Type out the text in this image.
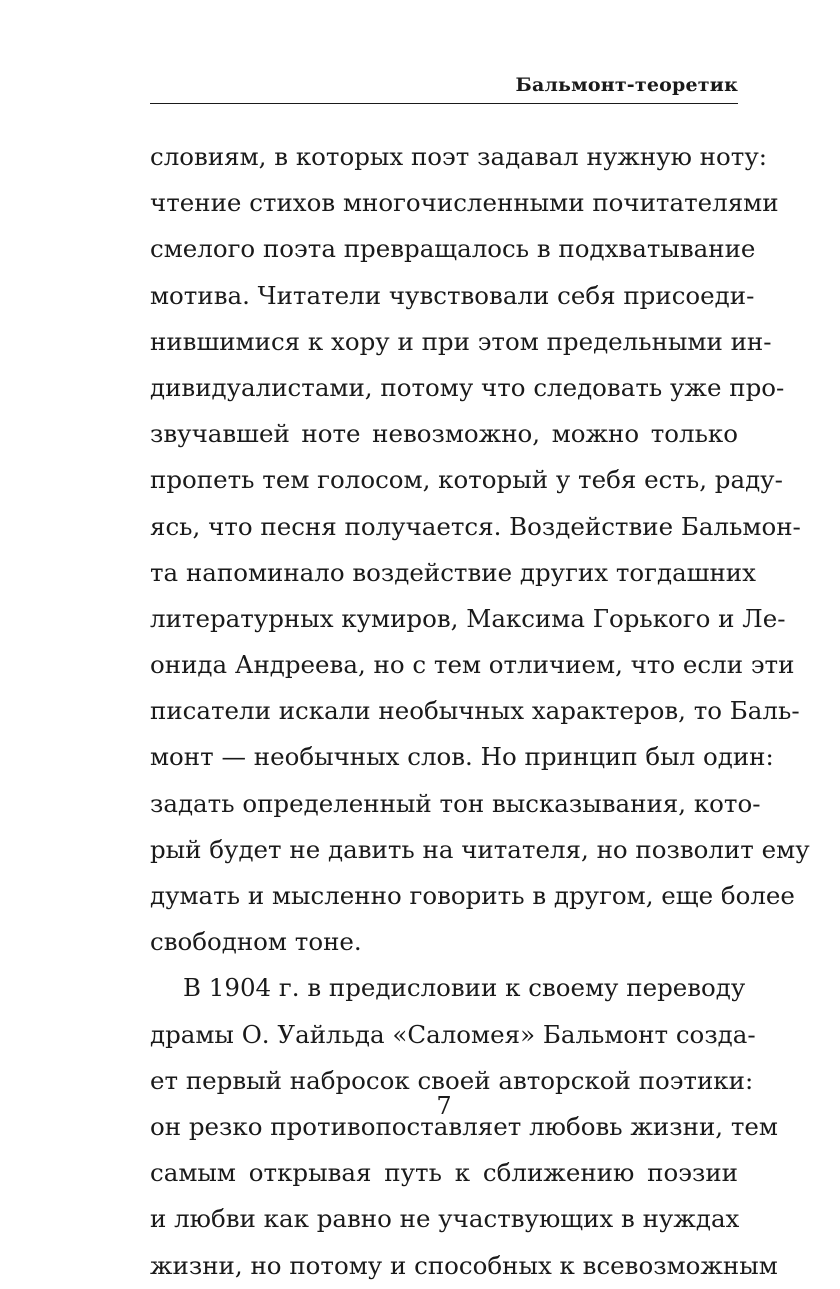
Бальмонт-теоретик
словиям, в которых поэт задавал нужную ноту:
чтение стихов многочисленными почитателями
смелого поэта превращалось в подхватывание
мотива. Читатели чувствовали себя присоеди-
нившимися к хору и при этом предельными ин-
дивидуалистами, потому что следовать уже про-
звучавшей ноте невозможно, можно только
пропеть тем голосом, который у тебя есть, раду-
ясь, что песня получается. Воздействие Бальмон-
та напоминало воздействие других тогдашних
литературных кумиров, Максима Горького и Ле-
онида Андреева, но с тем отличием, что если эти
писатели искали необычных характеров, то Баль-
монт — необычных слов. Но принцип был один:
задать определенный тон высказывания, кото-
рый будет не давить на читателя, но позволит ему
думать и мысленно говорить в другом, еще более
свободном тоне.
В 1904 г. в предисловии к своему переводу
драмы О. Уайльда «Саломея» Бальмонт созда-
ет первый набросок своей авторской поэтики:
он резко противопоставляет любовь жизни, тем
самым открывая путь к сближению поэзии
и любви как равно не участвующих в нуждах
жизни, но потому и способных к всевозможным
7
